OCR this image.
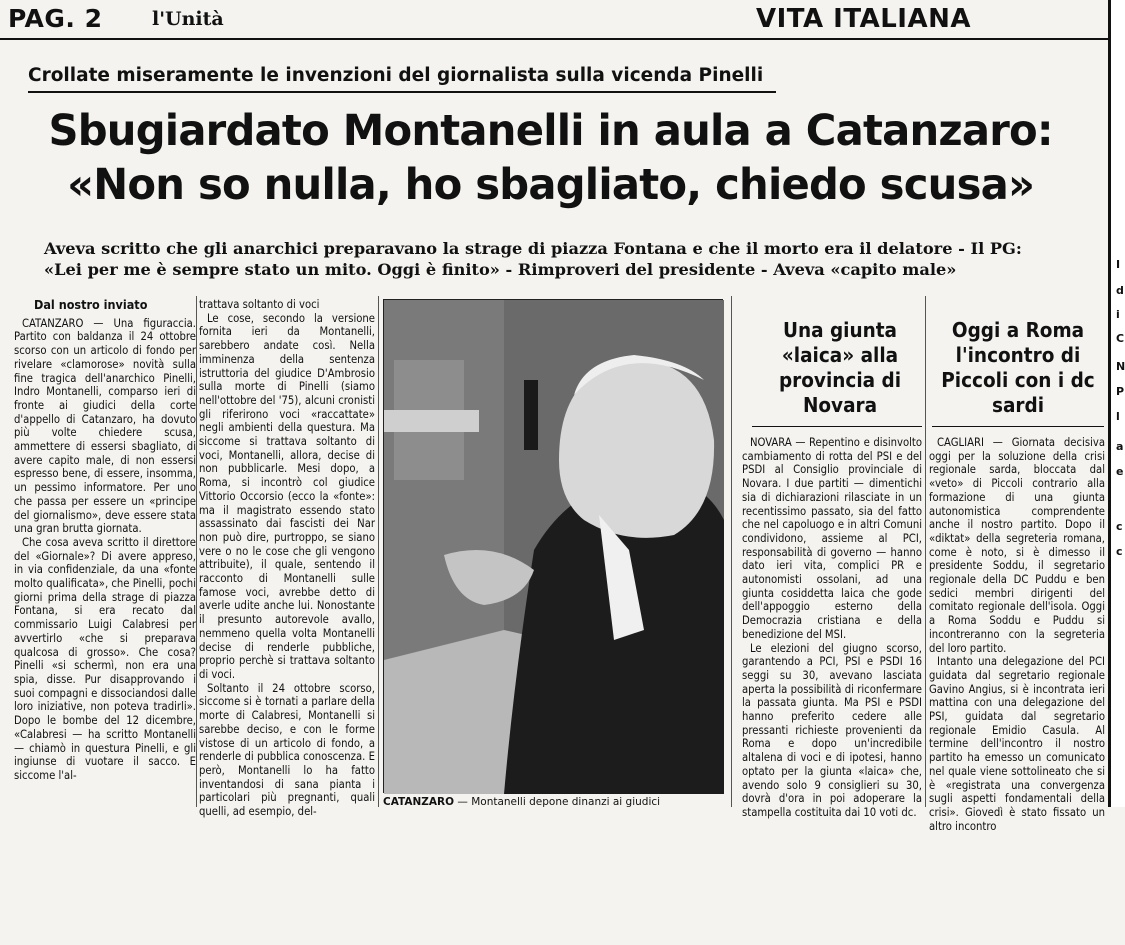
PAG. 2	l'Unità	VITA ITALIANA
Crollate miseramente le invenzioni del giornalista sulla vicenda Pinelli
Sbugiardato Montanelli in aula a Catanzaro:
«Non so nulla, ho sbagliato, chiedo scusa»
Aveva scritto che gli anarchici preparavano la strage di piazza Fontana e che il morto era il delatore - Il PG:
«Lei per me è sempre stato un mito. Oggi è finito» - Rimproveri del presidente - Aveva «capito male»

Dal nostro inviato

CATANZARO — Una figuraccia. Partito con baldanza il 24 ottobre scorso con un articolo di fondo per rivelare «clamorose» novità sulla fine tragica dell'anarchico Pinelli, Indro Montanelli, comparso ieri di fronte ai giudici della corte d'appello di Catanzaro, ha dovuto più volte chiedere scusa, ammettere di essersi sbagliato, di avere capito male, di non essersi espresso bene, di essere, insomma, un pessimo informatore. Per uno che passa per essere un «principe del giornalismo», deve essere stata una gran brutta giornata.

Che cosa aveva scritto il direttore del «Giornale»? Di avere appreso, in via confidenziale, da una «fonte molto qualificata», che Pinelli, pochi giorni prima della strage di piazza Fontana, si era recato dal commissario Luigi Calabresi per avvertirlo «che si preparava qualcosa di grosso». Che cosa? Pinelli «si schermì, non era una spia, disse. Pur disapprovando i suoi compagni e dissociandosi dalle loro iniziative, non poteva tradirli». Dopo le bombe del 12 dicembre, «Calabresi — ha scritto Montanelli — chiamò in questura Pinelli, e gli ingiunse di vuotare il sacco. E siccome l'al-

trattava soltanto di voci

Le cose, secondo la versione fornita ieri da Montanelli, sarebbero andate così. Nella imminenza della sentenza istruttoria del giudice D'Ambrosio sulla morte di Pinelli (siamo nell'ottobre del '75), alcuni cronisti gli riferirono voci «raccattate» negli ambienti della questura. Ma siccome si trattava soltanto di voci, Montanelli, allora, decise di non pubblicarle. Mesi dopo, a Roma, si incontrò col giudice Vittorio Occorsio (ecco la «fonte»: ma il magistrato essendo stato assassinato dai fascisti dei Nar non può dire, purtroppo, se siano vere o no le cose che gli vengono attribuite), il quale, sentendo il racconto di Montanelli sulle famose voci, avrebbe detto di averle udite anche lui. Nonostante il presunto autorevole avallo, nemmeno quella volta Montanelli decise di renderle pubbliche, proprio perchè si trattava soltanto di voci.

Soltanto il 24 ottobre scorso, siccome si è tornati a parlare della morte di Calabresi, Montanelli si sarebbe deciso, e con le forme vistose di un articolo di fondo, a renderle di pubblica conoscenza. E però, Montanelli lo ha fatto inventandosi di sana pianta i particolari più pregnanti, quali quelli, ad esempio, del-

CATANZARO — Montanelli depone dinanzi ai giudici
Una giunta «laica» alla provincia di Novara

NOVARA — Repentino e disinvolto cambiamento di rotta del PSI e del PSDI al Consiglio provinciale di Novara. I due partiti — dimentichi sia di dichiarazioni rilasciate in un recentissimo passato, sia del fatto che nel capoluogo e in altri Comuni condividono, assieme al PCI, responsabilità di governo — hanno dato ieri vita, complici PR e autonomisti ossolani, ad una giunta cosiddetta laica che gode dell'appoggio esterno della Democrazia cristiana e della benedizione del MSI.

Le elezioni del giugno scorso, garantendo a PCI, PSI e PSDI 16 seggi su 30, avevano lasciata aperta la possibilità di riconfermare la passata giunta. Ma PSI e PSDI hanno preferito cedere alle pressanti richieste provenienti da Roma e dopo un'incredibile altalena di voci e di ipotesi, hanno optato per la giunta «laica» che, avendo solo 9 consiglieri su 30, dovrà d'ora in poi adoperare la stampella costituita dai 10 voti dc.

Oggi a Roma l'incontro di Piccoli con i dc sardi

CAGLIARI — Giornata decisiva oggi per la soluzione della crisi regionale sarda, bloccata dal «veto» di Piccoli contrario alla formazione di una giunta autonomistica comprendente anche il nostro partito. Dopo il «diktat» della segreteria romana, come è noto, si è dimesso il presidente Soddu, il segretario regionale della DC Puddu e ben sedici membri dirigenti del comitato regionale dell'isola. Oggi a Roma Soddu e Puddu si incontreranno con la segreteria del loro partito.

Intanto una delegazione del PCI guidata dal segretario regionale Gavino Angius, si è incontrata ieri mattina con una delegazione del PSI, guidata dal segretario regionale Emidio Casula. Al termine dell'incontro il nostro partito ha emesso un comunicato nel quale viene sottolineato che si è «registrata una convergenza sugli aspetti fondamentali della crisi». Giovedì è stato fissato un altro incontro

I
d
i
C
N
P
l
a
e
c
c
